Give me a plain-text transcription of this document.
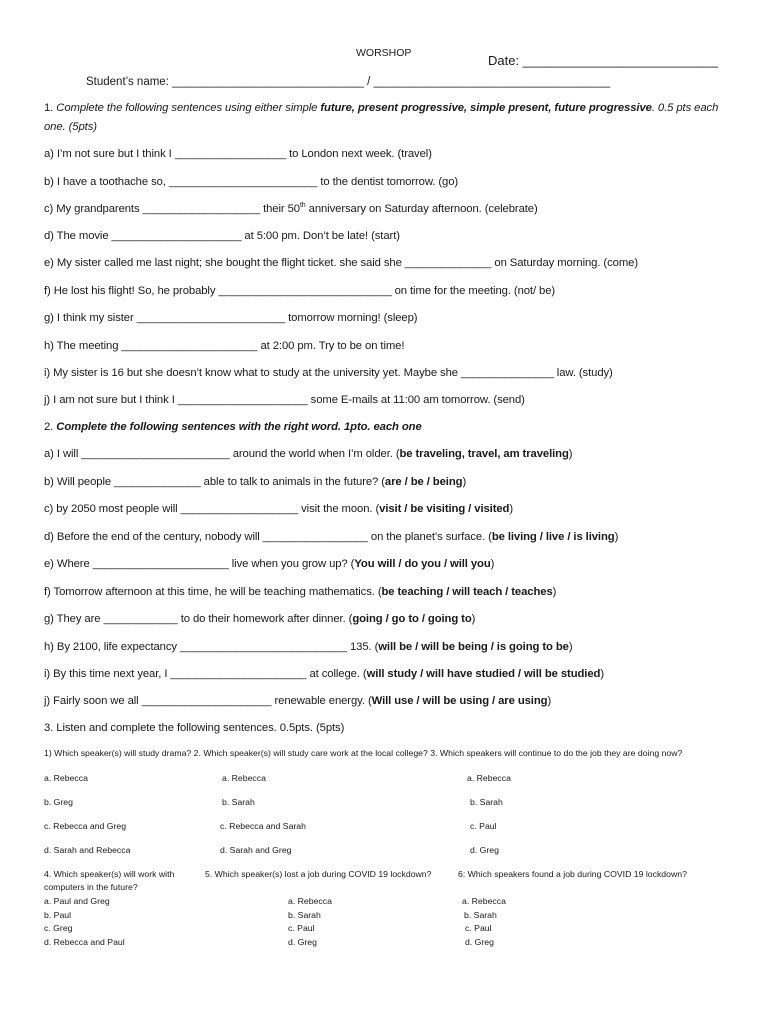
WORSHOP	Date: ___________________________
Student’s name: ______________________________ / _____________________________________
1. Complete the following sentences using either simple future, present progressive, simple present, future progressive. 0.5 pts each
one. (5pts)
a) I’m not sure but I think I __________________ to London next week. (travel)
b) I have a toothache so, ________________________ to the dentist tomorrow. (go)
c) My grandparents ___________________ their 50th anniversary on Saturday afternoon. (celebrate)
d) The movie _____________________ at 5:00 pm. Don’t be late! (start)
e) My sister called me last night; she bought the flight ticket. she said she ______________ on Saturday morning. (come)
f) He lost his flight! So, he probably ____________________________ on time for the meeting. (not/ be)
g) I think my sister ________________________ tomorrow morning! (sleep)
h) The meeting ______________________ at 2:00 pm. Try to be on time!
i) My sister is 16 but she doesn’t know what to study at the university yet. Maybe she _______________ law. (study)
j) I am not sure but I think I _____________________ some E-mails at 11:00 am tomorrow. (send)
2. Complete the following sentences with the right word. 1pto. each one
a) I will ________________________ around the world when I’m older. (be traveling, travel, am traveling)
b) Will people ______________ able to talk to animals in the future? (are / be / being)
c) by 2050 most people will ___________________ visit the moon. (visit / be visiting / visited)
d) Before the end of the century, nobody will _________________ on the planet’s surface. (be living / live / is living)
e) Where ______________________ live when you grow up? (You will / do you / will you)
f) Tomorrow afternoon at this time, he will be teaching mathematics. (be teaching / will teach / teaches)
g) They are ____________ to do their homework after dinner. (going / go to / going to)
h) By 2100, life expectancy ___________________________ 135. (will be / will be being / is going to be)
i) By this time next year, I ______________________ at college. (will study / will have studied / will be studied)
j) Fairly soon we all _____________________ renewable energy. (Will use / will be using / are using)
3. Listen and complete the following sentences. 0.5pts. (5pts)
1) Which speaker(s) will study drama? 2. Which speaker(s) will study care work at the local college? 3. Which speakers will continue to do the job they are doing now?
a. Rebecca
b. Greg
c. Rebecca and Greg
d. Sarah and Rebecca
a. Rebecca
b. Sarah
c. Rebecca and Sarah
d. Sarah and Greg
a. Rebecca
b. Sarah
c. Paul
d. Greg
4. Which speaker(s) will work with
computers in the future?
5. Which speaker(s) lost a job during COVID 19 lockdown?	6: Which speakers found a job during COVID 19 lockdown?
a. Paul and Greg
b. Paul
c. Greg
d. Rebecca and Paul
a. Rebecca
b. Sarah
c. Paul
d. Greg
a. Rebecca
b. Sarah
c. Paul
d. Greg
